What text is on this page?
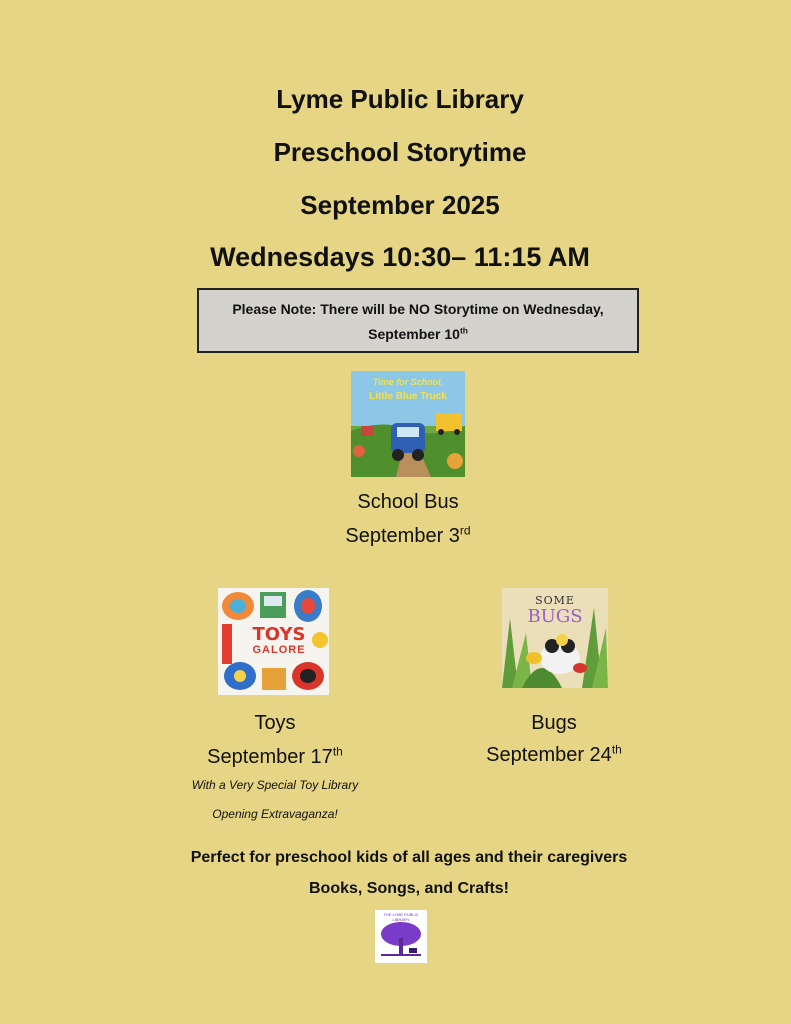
Lyme Public Library
Preschool Storytime
September 2025
Wednesdays 10:30– 11:15 AM
Please Note: There will be NO Storytime on Wednesday, September 10th
Time for School,
Little Blue Truck
School Bus
September 3rd
TOYS
GALORE
Toys
September 17th
With a Very Special Toy Library
Opening Extravaganza!
SOME
BUGS
Bugs
September 24th
Perfect for preschool kids of all ages and their caregivers
Books, Songs, and Crafts!
THE LYME PUBLIC LIBRARY
